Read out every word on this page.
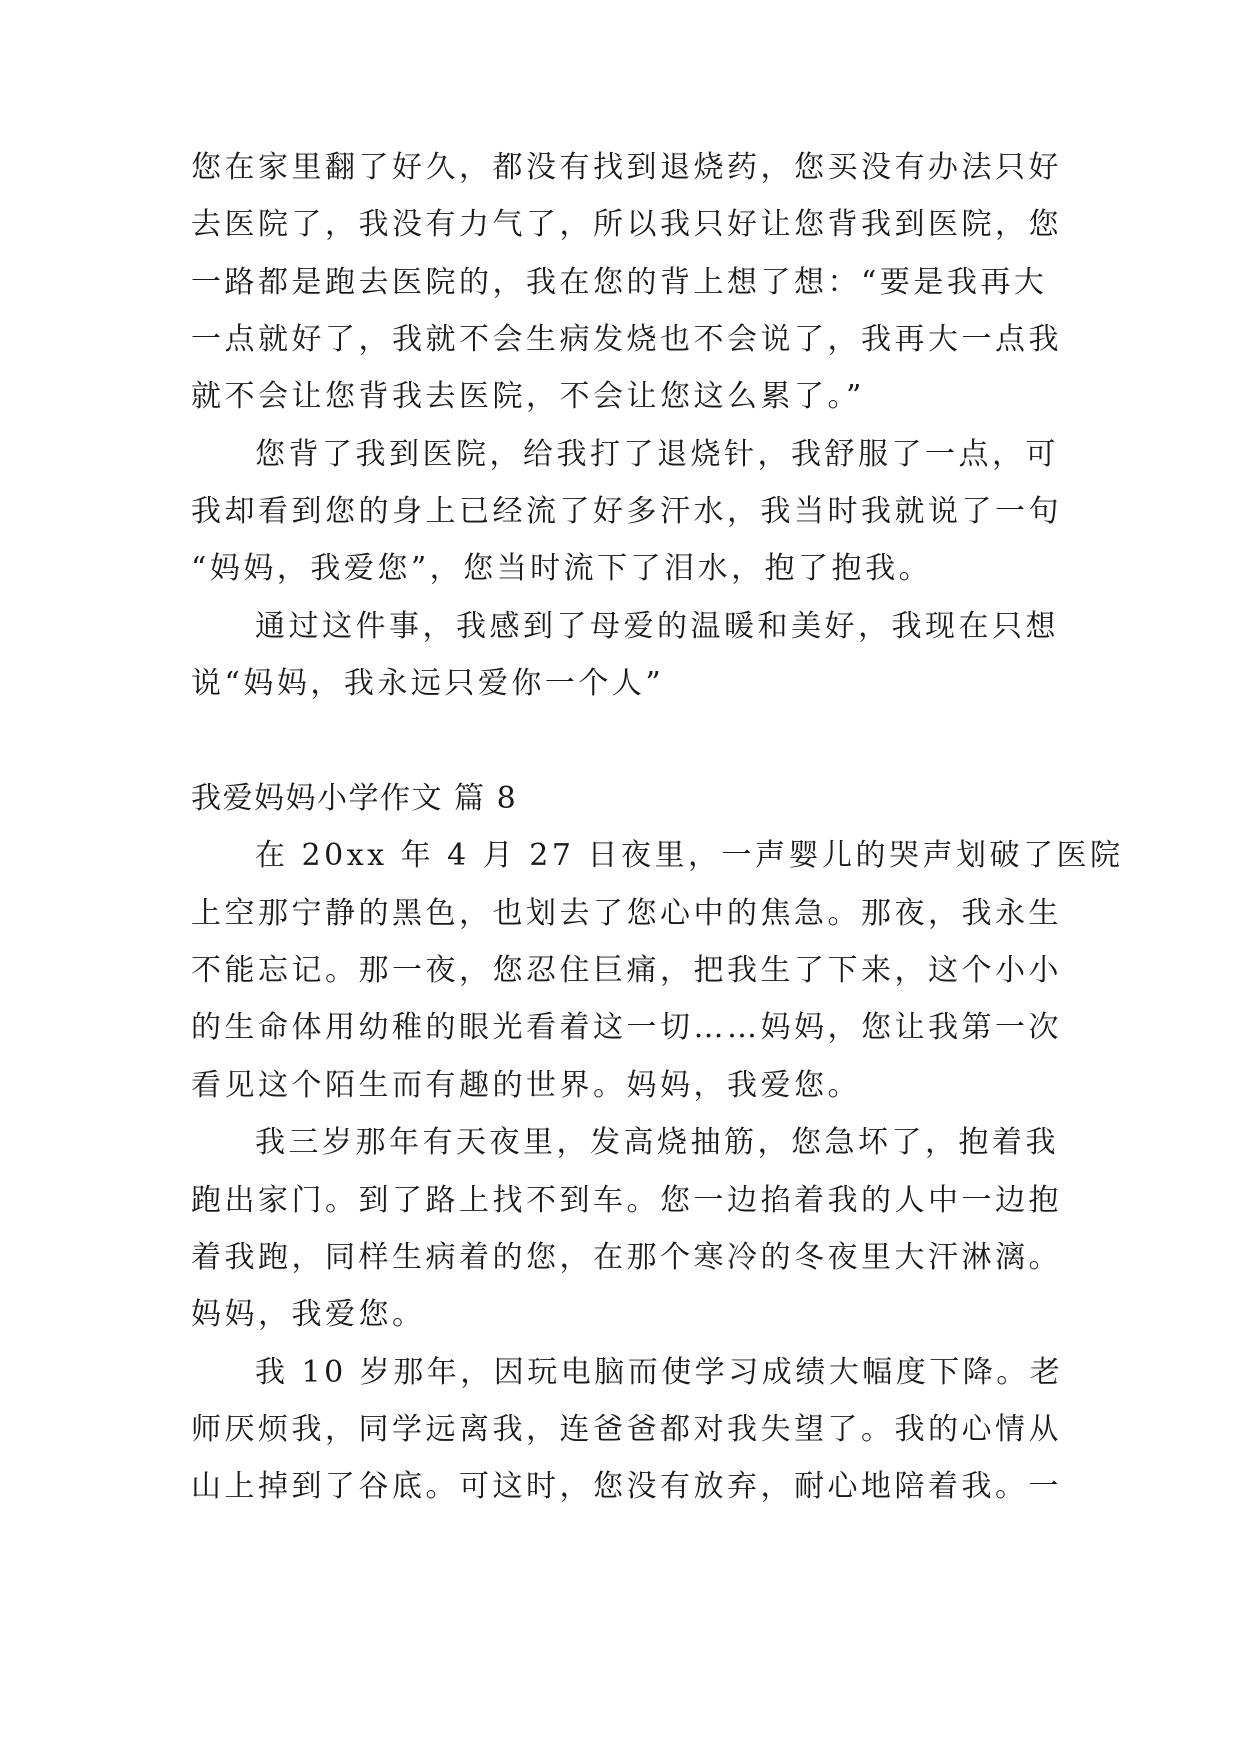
您在家里翻了好久，都没有找到退烧药，您买没有办法只好
去医院了，我没有力气了，所以我只好让您背我到医院，您
一路都是跑去医院的，我在您的背上想了想：“要是我再大
一点就好了，我就不会生病发烧也不会说了，我再大一点我
就不会让您背我去医院，不会让您这么累了。”
您背了我到医院，给我打了退烧针，我舒服了一点，可
我却看到您的身上已经流了好多汗水，我当时我就说了一句
“妈妈，我爱您”，您当时流下了泪水，抱了抱我。
通过这件事，我感到了母爱的温暖和美好，我现在只想
说“妈妈，我永远只爱你一个人”
我爱妈妈小学作文 篇 8
在 20xx 年 4 月 27 日夜里，一声婴儿的哭声划破了医院
上空那宁静的黑色，也划去了您心中的焦急。那夜，我永生
不能忘记。那一夜，您忍住巨痛，把我生了下来，这个小小
的生命体用幼稚的眼光看着这一切……妈妈，您让我第一次
看见这个陌生而有趣的世界。妈妈，我爱您。
我三岁那年有天夜里，发高烧抽筋，您急坏了，抱着我
跑出家门。到了路上找不到车。您一边掐着我的人中一边抱
着我跑，同样生病着的您，在那个寒冷的冬夜里大汗淋漓。
妈妈，我爱您。
我 10 岁那年，因玩电脑而使学习成绩大幅度下降。老
师厌烦我，同学远离我，连爸爸都对我失望了。我的心情从
山上掉到了谷底。可这时，您没有放弃，耐心地陪着我。一
